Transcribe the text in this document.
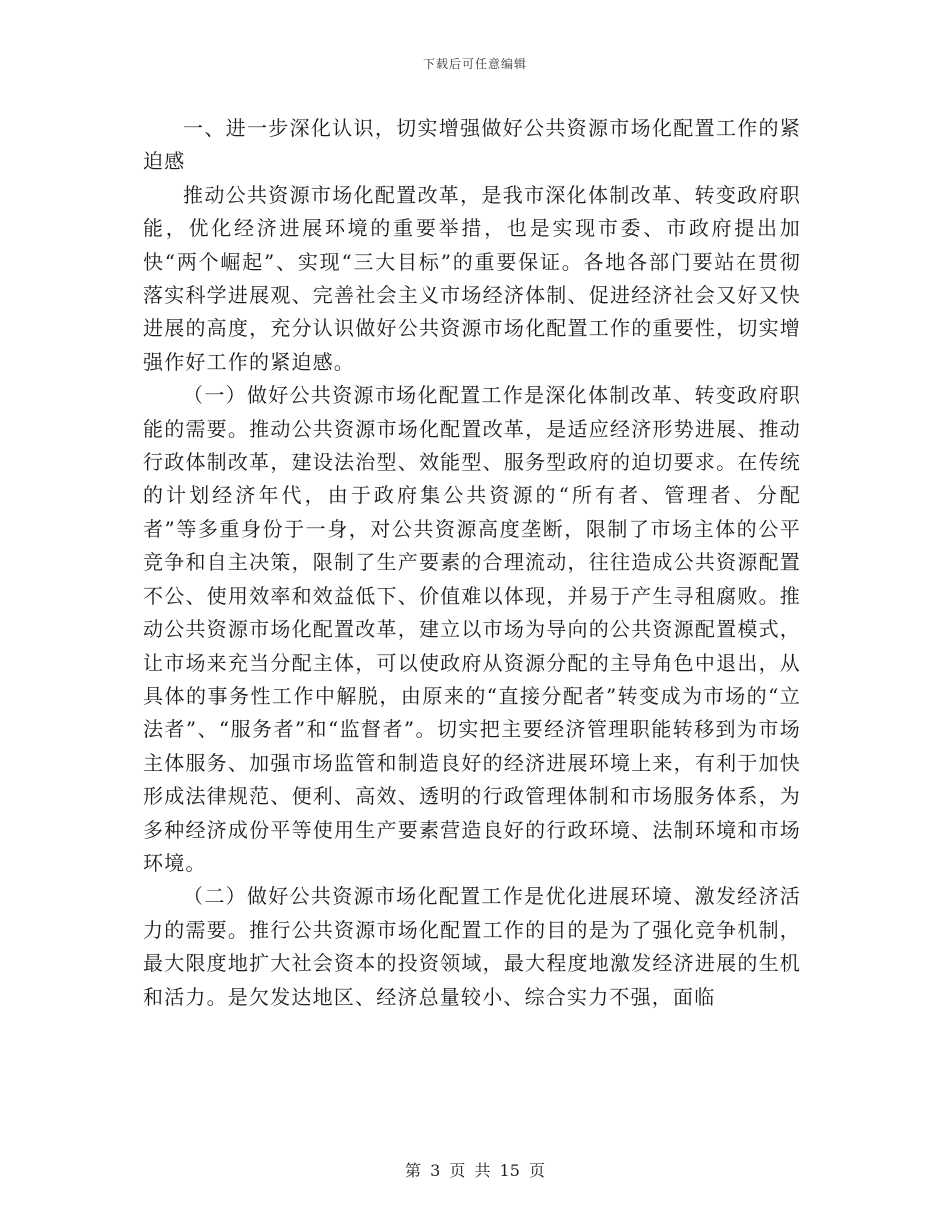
下载后可任意编辑

一、进一步深化认识，切实增强做好公共资源市场化配置工作的紧迫感

推动公共资源市场化配置改革，是我市深化体制改革、转变政府职能，优化经济进展环境的重要举措，也是实现市委、市政府提出加快“两个崛起”、实现“三大目标”的重要保证。各地各部门要站在贯彻落实科学进展观、完善社会主义市场经济体制、促进经济社会又好又快进展的高度，充分认识做好公共资源市场化配置工作的重要性，切实增强作好工作的紧迫感。

（一）做好公共资源市场化配置工作是深化体制改革、转变政府职能的需要。推动公共资源市场化配置改革，是适应经济形势进展、推动行政体制改革，建设法治型、效能型、服务型政府的迫切要求。在传统的计划经济年代，由于政府集公共资源的“所有者、管理者、分配者”等多重身份于一身，对公共资源高度垄断，限制了市场主体的公平竞争和自主决策，限制了生产要素的合理流动，往往造成公共资源配置不公、使用效率和效益低下、价值难以体现，并易于产生寻租腐败。推动公共资源市场化配置改革，建立以市场为导向的公共资源配置模式，让市场来充当分配主体，可以使政府从资源分配的主导角色中退出，从具体的事务性工作中解脱，由原来的“直接分配者”转变成为市场的“立法者”、“服务者”和“监督者”。切实把主要经济管理职能转移到为市场主体服务、加强市场监管和制造良好的经济进展环境上来，有利于加快形成法律规范、便利、高效、透明的行政管理体制和市场服务体系，为多种经济成份平等使用生产要素营造良好的行政环境、法制环境和市场环境。

（二）做好公共资源市场化配置工作是优化进展环境、激发经济活力的需要。推行公共资源市场化配置工作的目的是为了强化竞争机制，最大限度地扩大社会资本的投资领域，最大程度地激发经济进展的生机和活力。是欠发达地区、经济总量较小、综合实力不强，面临

第 3 页 共 15 页
